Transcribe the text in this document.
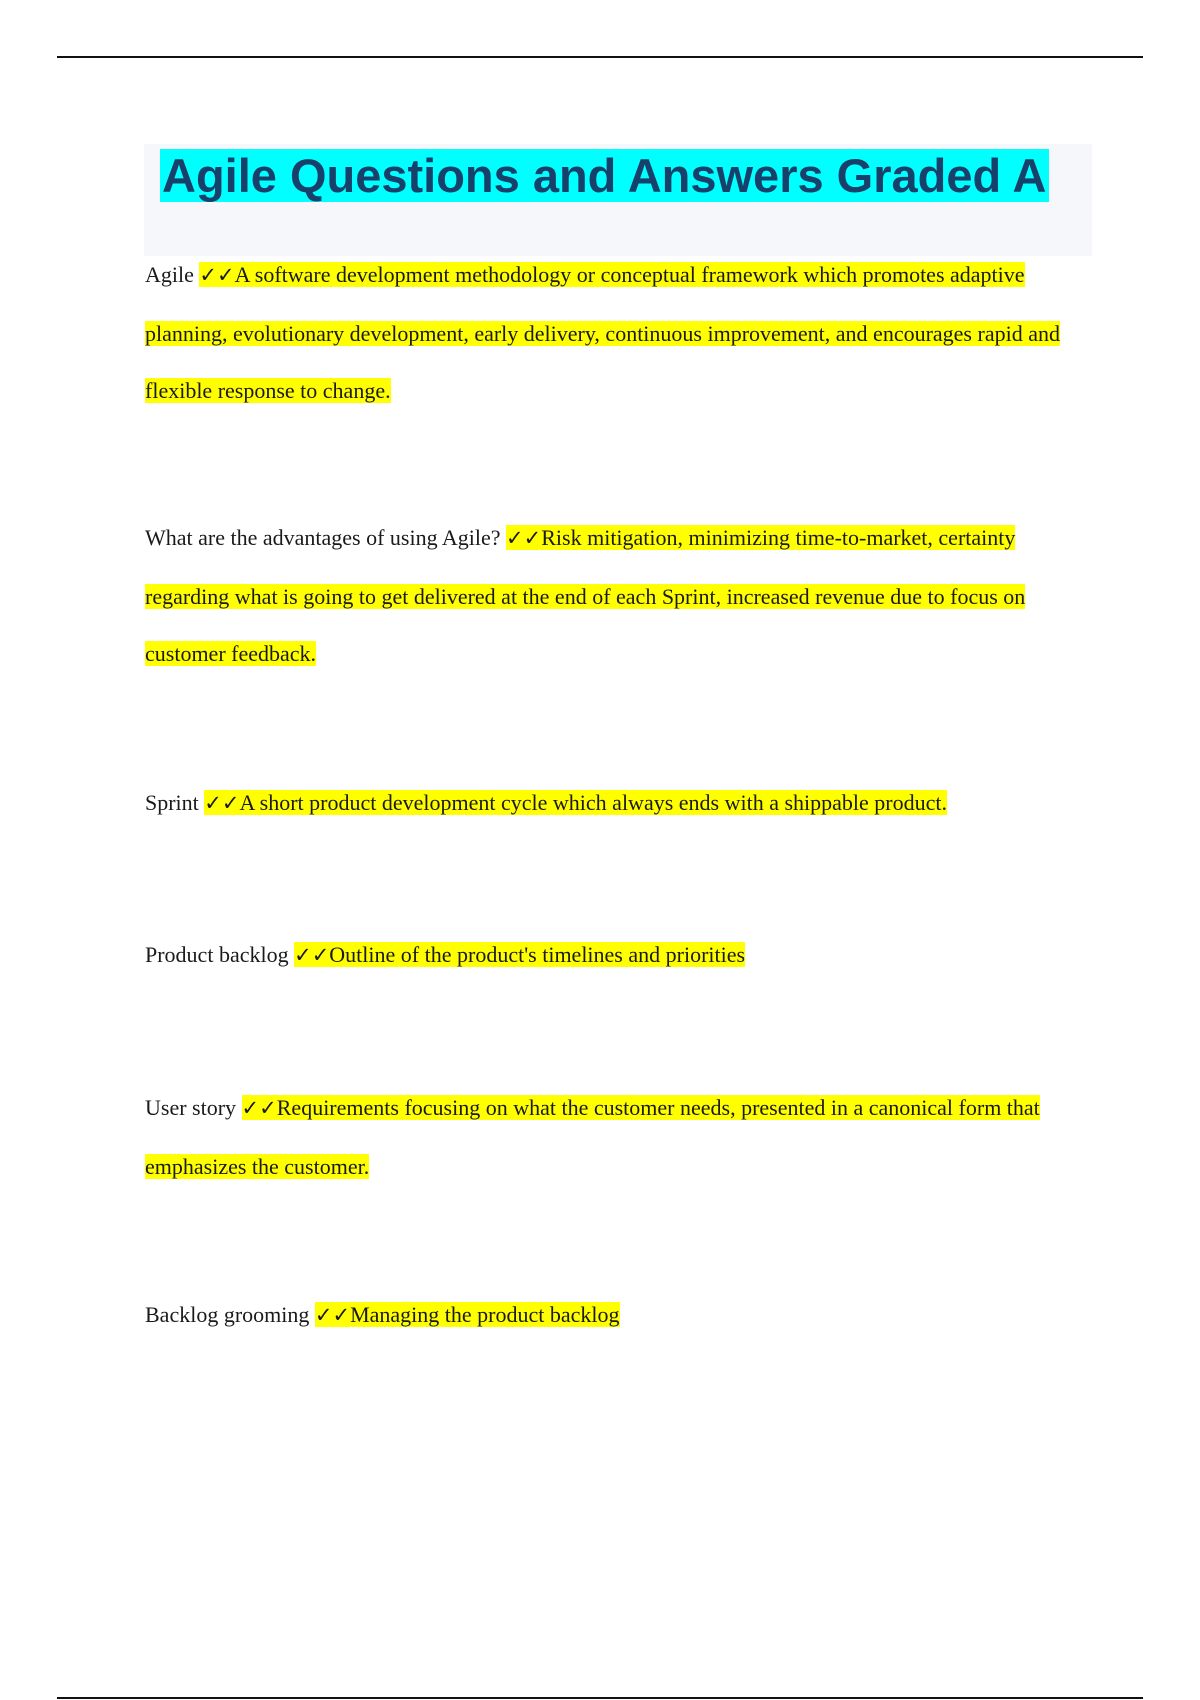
Agile Questions and Answers Graded A

Agile ✓✓A software development methodology or conceptual framework which promotes adaptive planning, evolutionary development, early delivery, continuous improvement, and encourages rapid and flexible response to change.

What are the advantages of using Agile? ✓✓Risk mitigation, minimizing time-to-market, certainty regarding what is going to get delivered at the end of each Sprint, increased revenue due to focus on customer feedback.

Sprint ✓✓A short product development cycle which always ends with a shippable product.

Product backlog ✓✓Outline of the product's timelines and priorities

User story ✓✓Requirements focusing on what the customer needs, presented in a canonical form that emphasizes the customer.

Backlog grooming ✓✓Managing the product backlog
